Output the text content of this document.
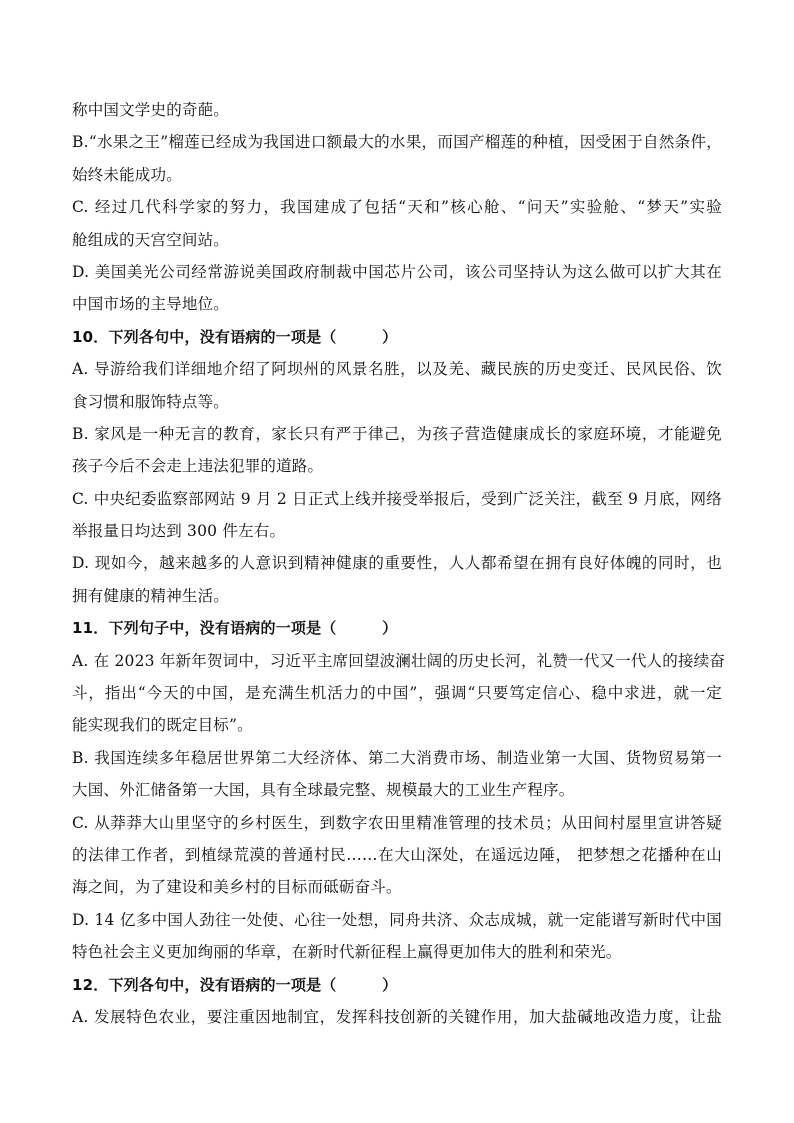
称中国文学史的奇葩。
B.“水果之王”榴莲已经成为我国进口额最大的水果，而国产榴莲的种植，因受困于自然条件，
始终未能成功。
C. 经过几代科学家的努力，我国建成了包括“天和”核心舱、“问天”实验舱、“梦天”实验
舱组成的天宫空间站。
D. 美国美光公司经常游说美国政府制裁中国芯片公司，该公司坚持认为这么做可以扩大其在
中国市场的主导地位。
10．下列各句中，没有语病的一项是（　　　）
A. 导游给我们详细地介绍了阿坝州的风景名胜，以及羌、藏民族的历史变迁、民风民俗、饮
食习惯和服饰特点等。
B. 家风是一种无言的教育，家长只有严于律己，为孩子营造健康成长的家庭环境，才能避免
孩子今后不会走上违法犯罪的道路。
C. 中央纪委监察部网站 9 月 2 日正式上线并接受举报后，受到广泛关注，截至 9 月底，网络
举报量日均达到 300 件左右。
D. 现如今，越来越多的人意识到精神健康的重要性，人人都希望在拥有良好体魄的同时，也
拥有健康的精神生活。
11．下列句子中，没有语病的一项是（　　　）
A. 在 2023 年新年贺词中，习近平主席回望波澜壮阔的历史长河，礼赞一代又一代人的接续奋
斗，指出“今天的中国，是充满生机活力的中国”，强调“只要笃定信心、稳中求进，就一定
能实现我们的既定目标”。
B. 我国连续多年稳居世界第二大经济体、第二大消费市场、制造业第一大国、货物贸易第一
大国、外汇储备第一大国，具有全球最完整、规模最大的工业生产程序。
C. 从莽莽大山里坚守的乡村医生，到数字农田里精准管理的技术员；从田间村屋里宣讲答疑
的法律工作者，到植绿荒漠的普通村民……在大山深处，在遥远边陲， 把梦想之花播种在山
海之间，为了建设和美乡村的目标而砥砺奋斗。
D. 14 亿多中国人劲往一处使、心往一处想，同舟共济、众志成城，就一定能谱写新时代中国
特色社会主义更加绚丽的华章，在新时代新征程上赢得更加伟大的胜利和荣光。
12．下列各句中，没有语病的一项是（　　　）
A. 发展特色农业，要注重因地制宜，发挥科技创新的关键作用，加大盐碱地改造力度，让盐
